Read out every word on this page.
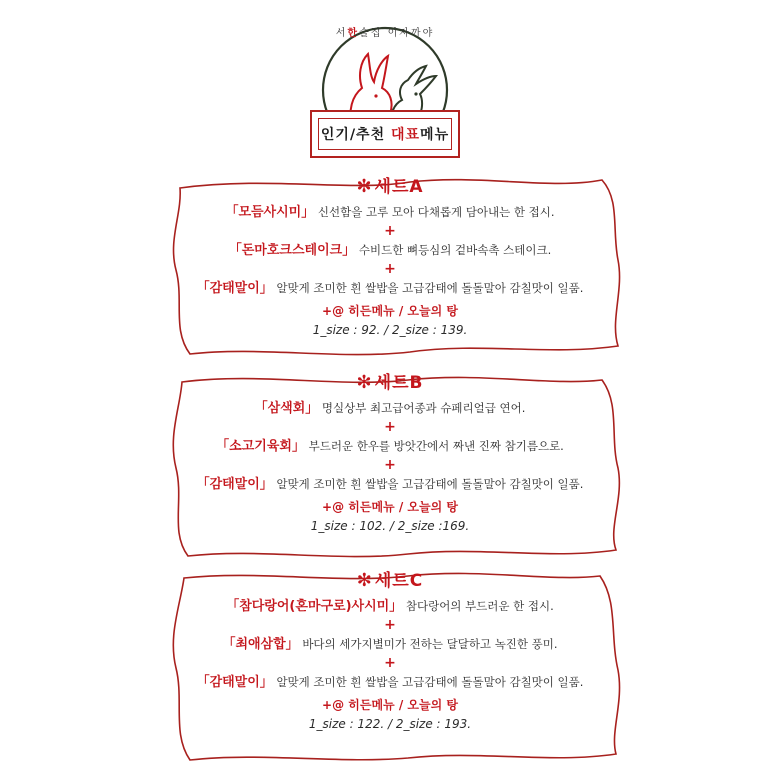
서한술집 이자까야
인기/추천 대표메뉴
✻ 세트A
「모듬사시미」 신선함을 고루 모아 다채롭게 담아내는 한 접시.
+
「돈마호크스테이크」 수비드한 뼈등심의 겉바속촉 스테이크.
+
「감태말이」 알맞게 조미한 흰 쌀밥을 고급감태에 돌돌말아 감칠맛이 일품.
+@ 히든메뉴 / 오늘의 탕
1_size : 92. / 2_size : 139.
✻ 세트B
「삼색회」 명실상부 최고급어종과 슈페리얼급 연어.
+
「소고기육회」 부드러운 한우를 방앗간에서 짜낸 진짜 참기름으로.
+
「감태말이」 알맞게 조미한 흰 쌀밥을 고급감태에 돌돌말아 감칠맛이 일품.
+@ 히든메뉴 / 오늘의 탕
1_size : 102. / 2_size :169.
✻ 세트C
「참다랑어(혼마구로)사시미」 참다랑어의 부드러운 한 접시.
+
「최애삼합」 바다의 세가지별미가 전하는 달달하고 녹진한 풍미.
+
「감태말이」 알맞게 조미한 흰 쌀밥을 고급감태에 돌돌말아 감칠맛이 일품.
+@ 히든메뉴 / 오늘의 탕
1_size : 122. / 2_size : 193.
